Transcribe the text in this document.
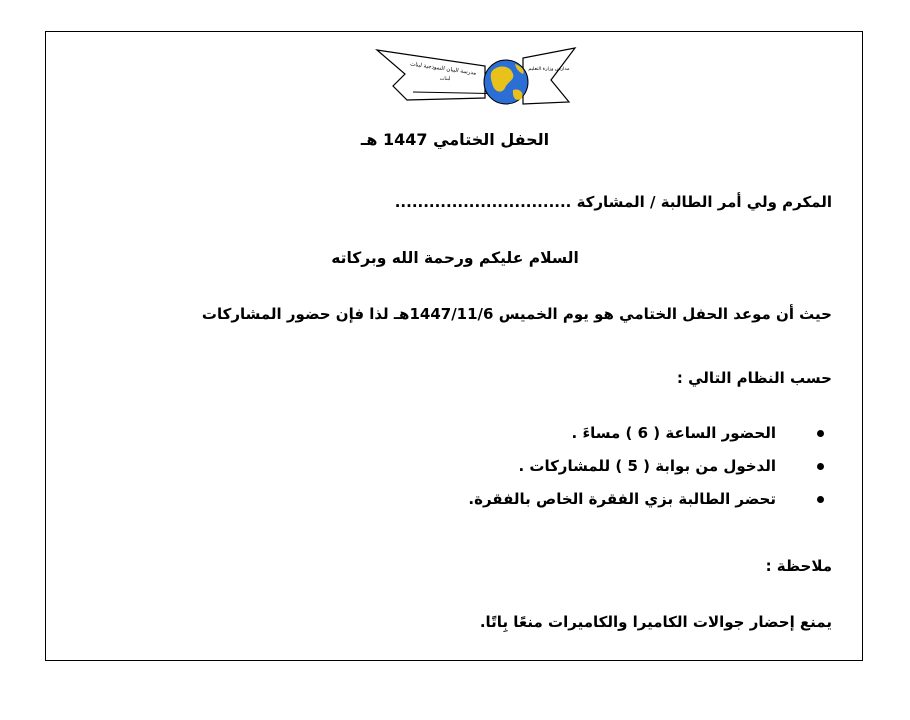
مدرسة البيان النموذجية لبنات
لبنات
مدارس وزارة التعليم
الحفل الختامي 1447 هـ
المكرم ولي أمر الطالبة / المشاركة ...............................
السلام عليكم ورحمة الله وبركاته
حيث أن موعد الحفل الختامي هو يوم الخميس 1447/11/6هـ لذا فإن حضور المشاركات
حسب النظام التالي :
الحضور الساعة ( 6 ) مساءَ .
الدخول من بوابة ( 5 ) للمشاركات .
تحضر الطالبة بزي الفقرة الخاص بالفقرة.
ملاحظة :
يمنع إحضار جوالات الكاميرا والكاميرات منعًا بِاتًا.
